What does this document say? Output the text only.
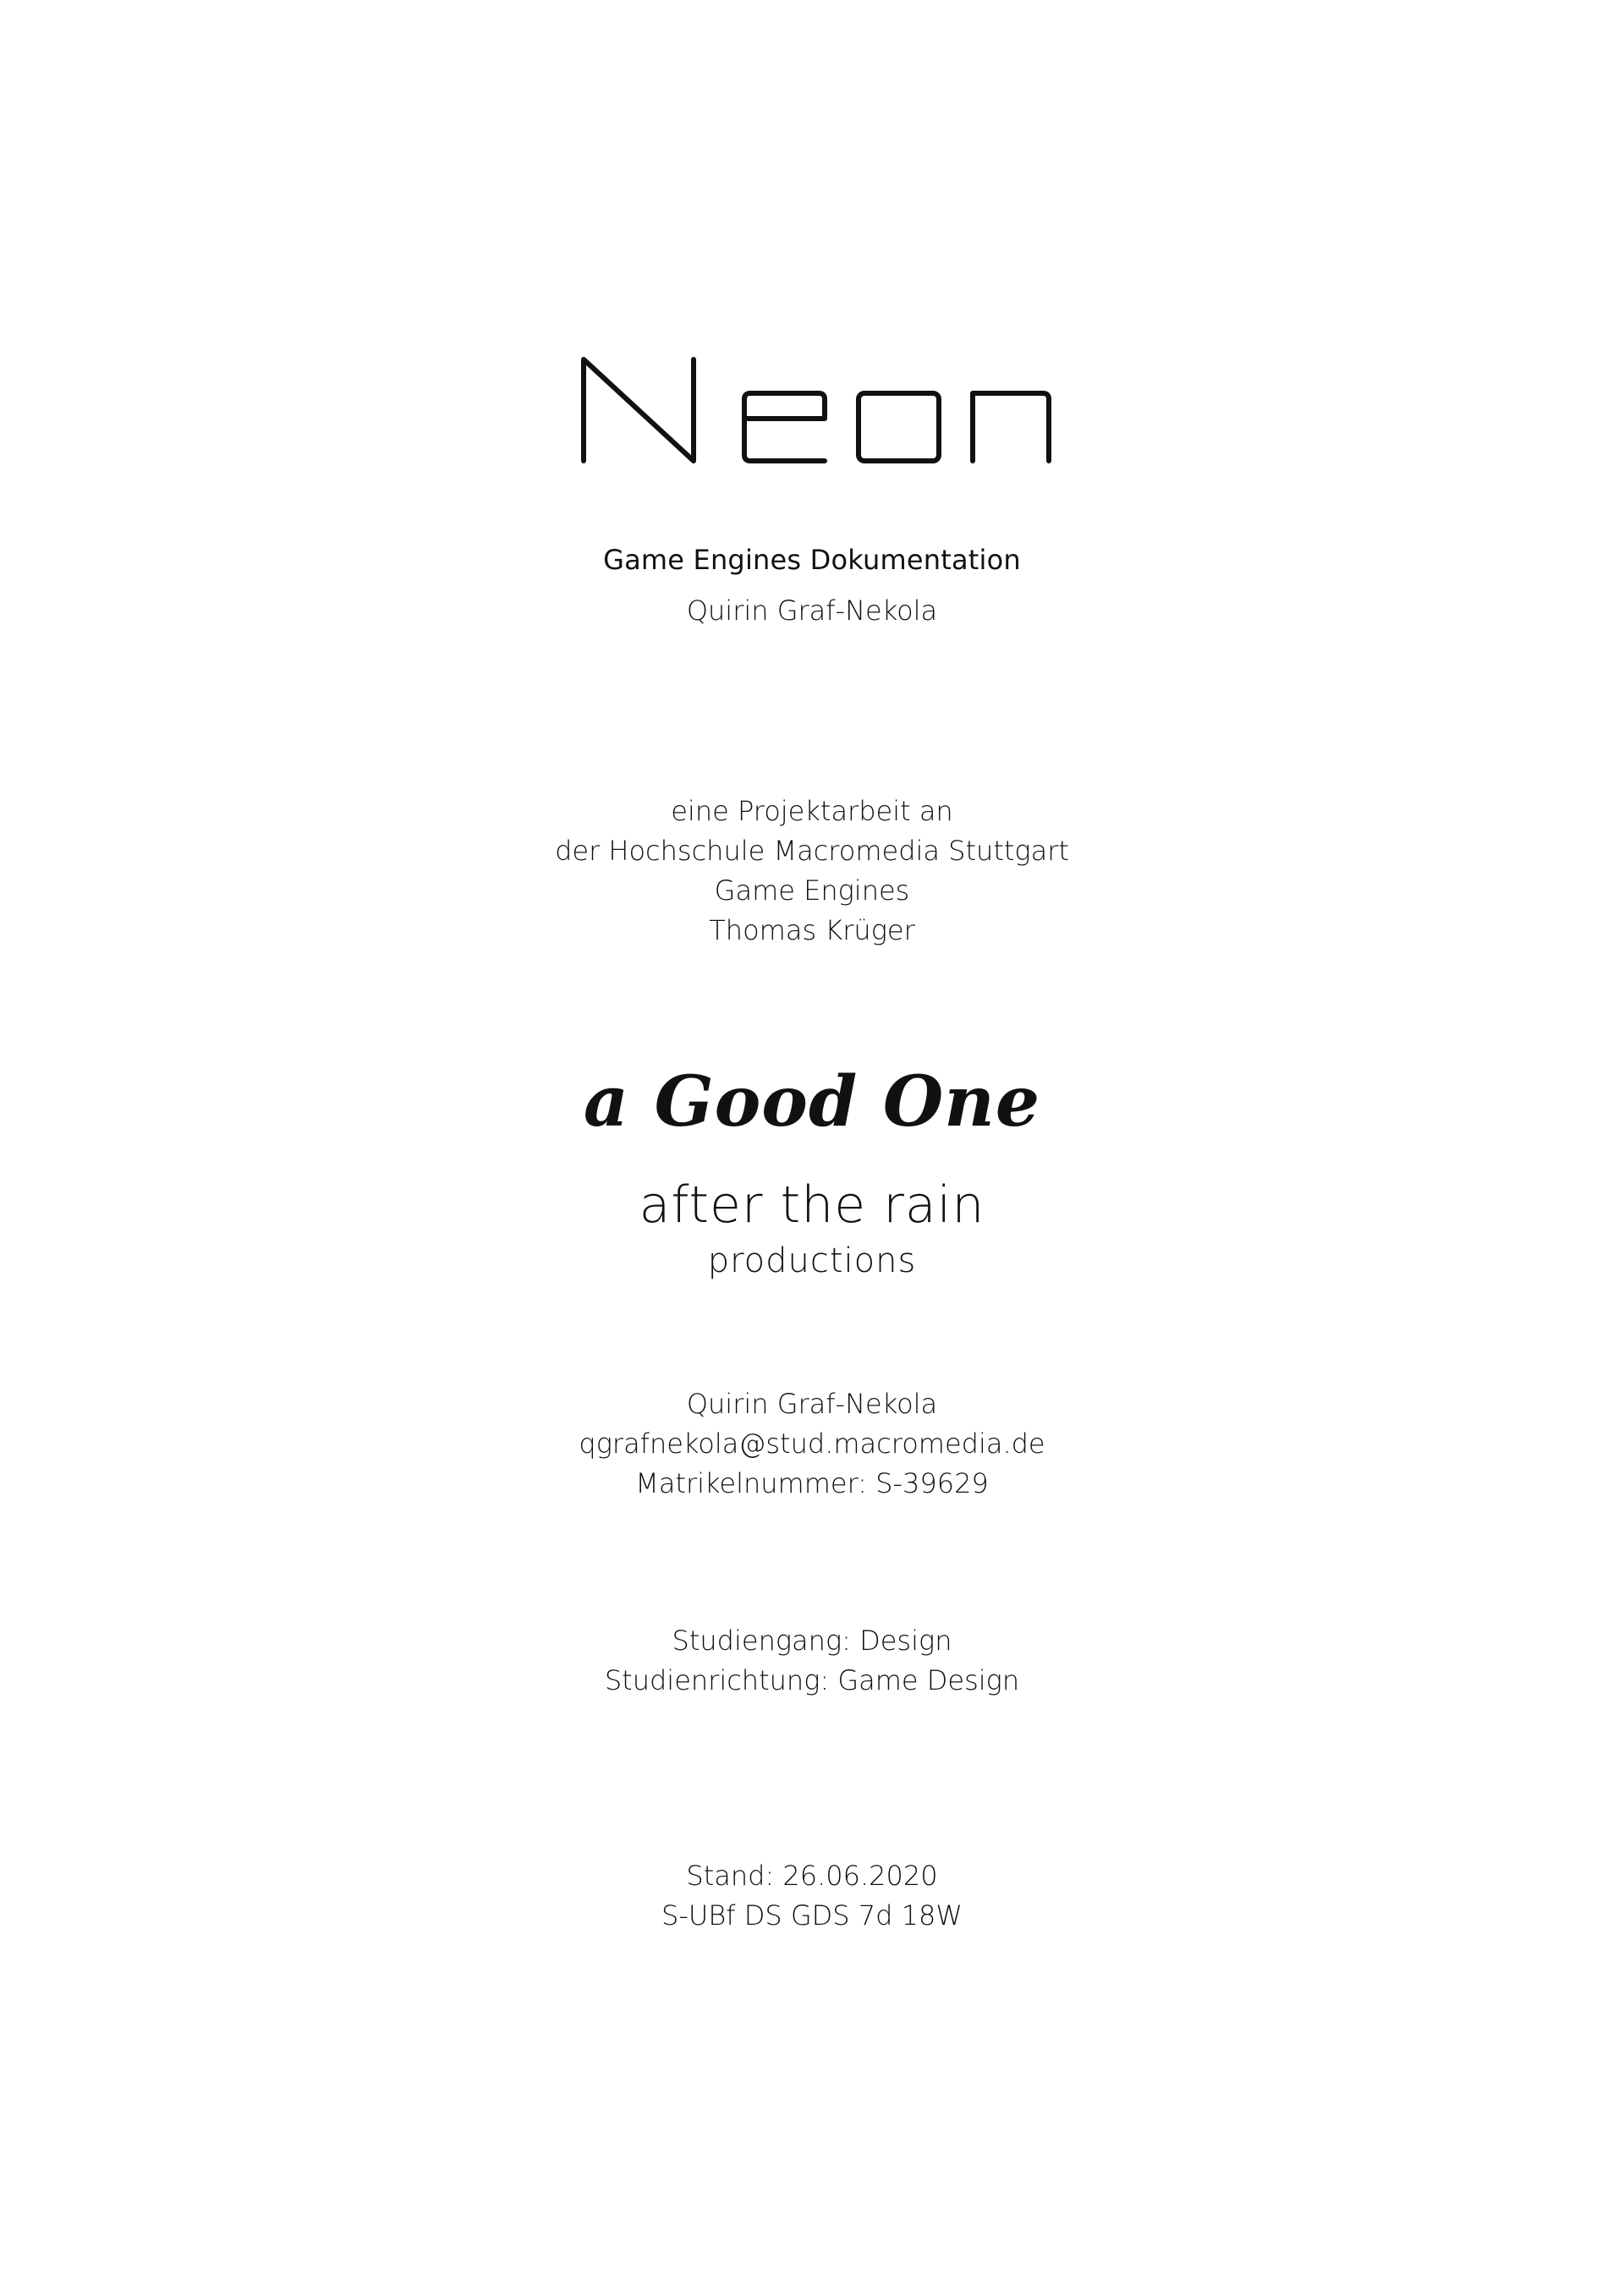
Game Engines Dokumentation
Quirin Graf-Nekola
eine Projektarbeit an
der Hochschule Macromedia Stuttgart
Game Engines
Thomas Krüger
a Good One
after the rain
productions
Quirin Graf-Nekola
qgrafnekola@stud.macromedia.de
Matrikelnummer: S-39629
Studiengang: Design
Studienrichtung: Game Design
Stand: 26.06.2020
S-UBf DS GDS 7d 18W
